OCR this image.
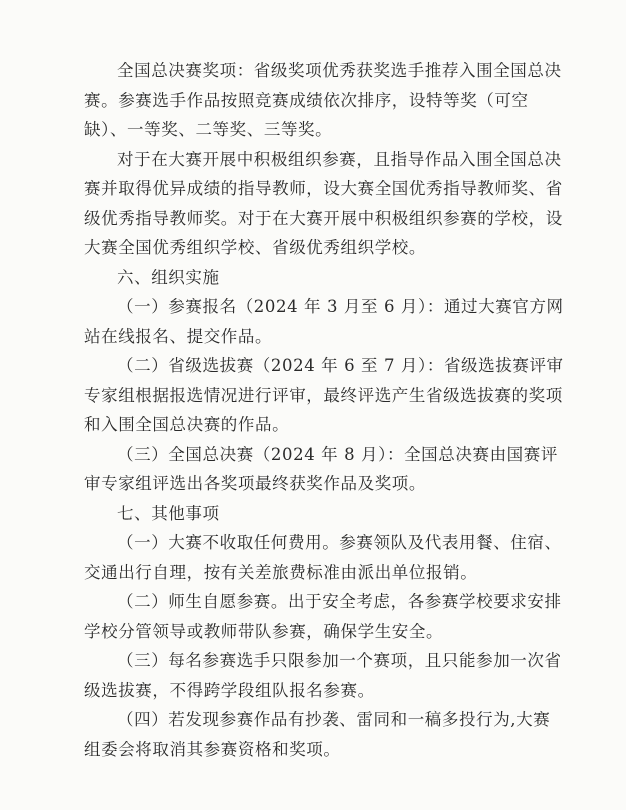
全国总决赛奖项：省级奖项优秀获奖选手推荐入围全国总决赛。参赛选手作品按照竞赛成绩依次排序，设特等奖（可空缺）、一等奖、二等奖、三等奖。

对于在大赛开展中积极组织参赛，且指导作品入围全国总决赛并取得优异成绩的指导教师，设大赛全国优秀指导教师奖、省级优秀指导教师奖。对于在大赛开展中积极组织参赛的学校，设大赛全国优秀组织学校、省级优秀组织学校。

六、组织实施

（一）参赛报名（2024 年 3 月至 6 月）：通过大赛官方网站在线报名、提交作品。

（二）省级选拔赛（2024 年 6 至 7 月）：省级选拔赛评审专家组根据报选情况进行评审，最终评选产生省级选拔赛的奖项和入围全国总决赛的作品。

（三）全国总决赛（2024 年 8 月）：全国总决赛由国赛评审专家组评选出各奖项最终获奖作品及奖项。

七、其他事项

（一）大赛不收取任何费用。参赛领队及代表用餐、住宿、交通出行自理，按有关差旅费标准由派出单位报销。

（二）师生自愿参赛。出于安全考虑，各参赛学校要求安排学校分管领导或教师带队参赛，确保学生安全。

（三）每名参赛选手只限参加一个赛项，且只能参加一次省级选拔赛，不得跨学段组队报名参赛。

（四）若发现参赛作品有抄袭、雷同和一稿多投行为,大赛组委会将取消其参赛资格和奖项。
